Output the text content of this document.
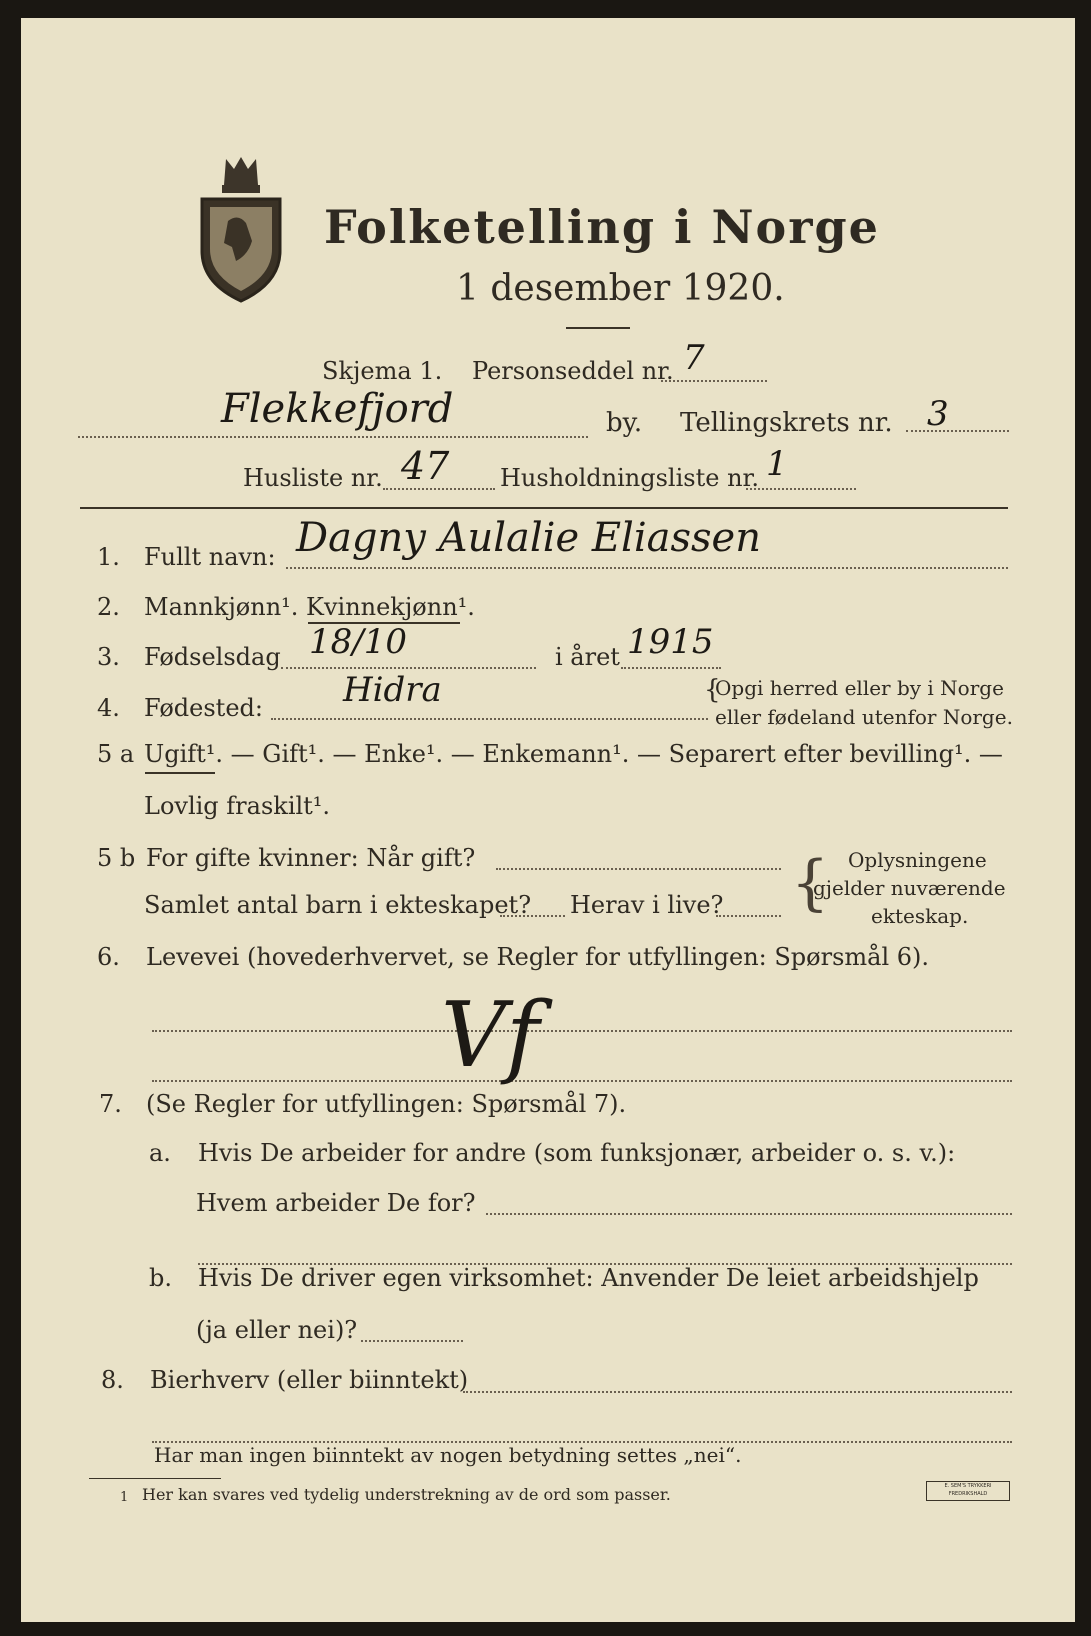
Folketelling i Norge
1 desember 1920.
Skjema 1. Personseddel nr. 7
Flekkefjord	by. Tellingskrets nr. 3
Husliste nr. 47 Husholdningsliste nr. 1
1. Fullt navn: Dagny Aulalie Eliassen
2. Mannkjønn¹. Kvinnekjønn¹.
3. Fødselsdag 18/10	i året 1915
4. Fødested: Hidra	{
Opgi herred eller by i Norge
eller fødeland utenfor Norge.
5 a Ugift¹. — Gift¹. — Enke¹. — Enkemann¹. — Separert efter bevilling¹. —
Lovlig fraskilt¹.
5 b For gifte kvinner: Når gift?
Samlet antal barn i ekteskapet? Herav i live? { Oplysningene
gjelder nuværende
ekteskap.
6. Levevei (hovederhvervet, se Regler for utfyllingen: Spørsmål 6).
Vf
7. (Se Regler for utfyllingen: Spørsmål 7).
a. Hvis De arbeider for andre (som funksjonær, arbeider o. s. v.):
Hvem arbeider De for?
b. Hvis De driver egen virksomhet: Anvender De leiet arbeidshjelp
(ja eller nei)?
8. Bierhverv (eller biinntekt)
Har man ingen biinntekt av nogen betydning settes „nei“.
1 Her kan svares ved tydelig understrekning av de ord som passer.	E. SEM'S TRYKKERI FREDRIKSHALD
